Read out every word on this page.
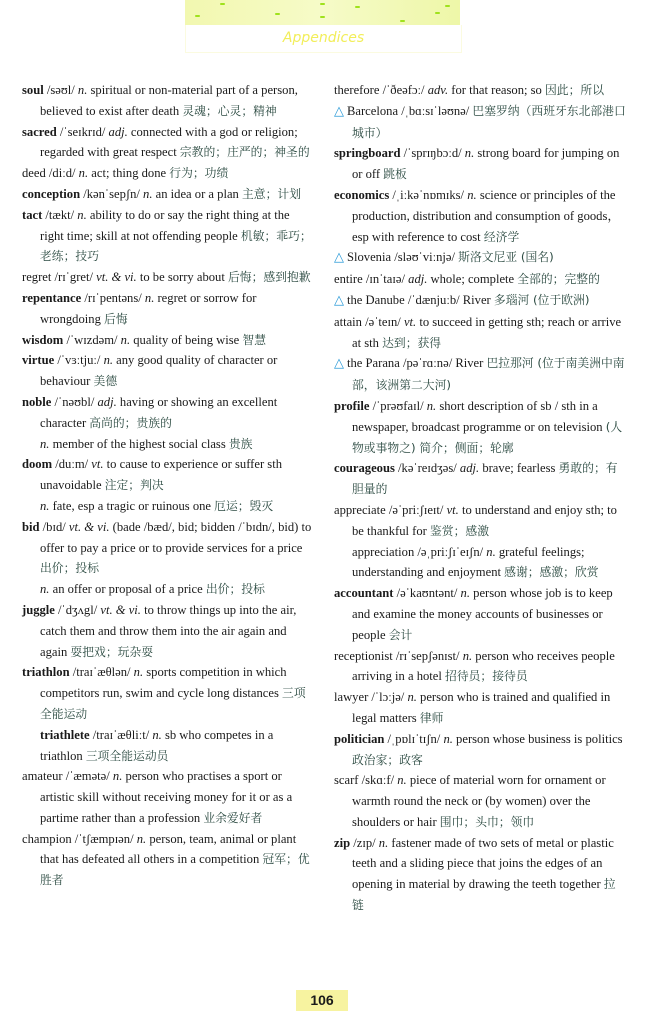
Appendices
soul /səʊl/ n. spiritual or non-material part of a person, believed to exist after death 灵魂；心灵；精神
sacred /ˈseɪkrɪd/ adj. connected with a god or religion; regarded with great respect 宗教的；庄严的；神圣的
deed /diːd/ n. act; thing done 行为；功绩
conception /kənˈsepʃn/ n. an idea or a plan 主意；计划
tact /tækt/ n. ability to do or say the right thing at the right time; skill at not offending people 机敏；乖巧；老练；技巧
regret /rɪˈgret/ vt. & vi. to be sorry about 后悔；感到抱歉
repentance /rɪˈpentəns/ n. regret or sorrow for wrongdoing 后悔
wisdom /ˈwɪzdəm/ n. quality of being wise 智慧
virtue /ˈvɜːtjuː/ n. any good quality of character or behaviour 美德
noble /ˈnəʊbl/ adj. having or showing an excellent character 高尚的；贵族的
n. member of the highest social class 贵族
doom /duːm/ vt. to cause to experience or suffer sth unavoidable 注定；判决
n. fate, esp a tragic or ruinous one 厄运；毁灭
bid /bɪd/ vt. & vi. (bade /bæd/, bid; bidden /ˈbɪdn/, bid) to offer to pay a price or to provide services for a price 出价；投标
n. an offer or proposal of a price 出价；投标
juggle /ˈdʒʌgl/ vt. & vi. to throw things up into the air, catch them and throw them into the air again and again 耍把戏；玩杂耍
triathlon /traɪˈæθlən/ n. sports competition in which competitors run, swim and cycle long distances 三项全能运动
triathlete /traɪˈæθliːt/ n. sb who competes in a triathlon 三项全能运动员
amateur /ˈæmətə/ n. person who practises a sport or artistic skill without receiving money for it or as a partime rather than a profession 业余爱好者
champion /ˈtʃæmpɪən/ n. person, team, animal or plant that has defeated all others in a competition 冠军；优胜者
therefore /ˈðeəfɔː/ adv. for that reason; so 因此；所以
△ Barcelona /ˌbɑːsɪˈləʊnə/ 巴塞罗纳（西班牙东北部港口城市）
springboard /ˈsprɪŋbɔːd/ n. strong board for jumping on or off 跳板
economics /ˌiːkəˈnɒmɪks/ n. science or principles of the production, distribution and consumption of goods，esp with reference to cost 经济学
△ Slovenia /sləʊˈviːnjə/ 斯洛文尼亚 (国名)
entire /ɪnˈtaɪə/ adj. whole; complete 全部的；完整的
△ the Danube /ˈdænjuːb/ River 多瑙河 (位于欧洲)
attain /əˈteɪn/ vt. to succeed in getting sth; reach or arrive at sth 达到；获得
△ the Parana /pəˈrɑːnə/ River 巴拉那河 (位于南美洲中南部，该洲第二大河)
profile /ˈprəʊfaɪl/ n. short description of sb / sth in a newspaper, broadcast programme or on television (人物或事物之) 简介；侧面；轮廓
courageous /kəˈreɪdʒəs/ adj. brave; fearless 勇敢的；有胆量的
appreciate /əˈpriːʃɪeɪt/ vt. to understand and enjoy sth; to be thankful for 鉴赏；感激
appreciation /əˌpriːʃɪˈeɪʃn/ n. grateful feelings; understanding and enjoyment 感谢；感激；欣赏
accountant /əˈkaʊntənt/ n. person whose job is to keep and examine the money accounts of businesses or people 会计
receptionist /rɪˈsepʃənɪst/ n. person who receives people arriving in a hotel 招待员；接待员
lawyer /ˈlɔːjə/ n. person who is trained and qualified in legal matters 律师
politician /ˌpɒlɪˈtɪʃn/ n. person whose business is politics 政治家；政客
scarf /skɑːf/ n. piece of material worn for ornament or warmth round the neck or (by women) over the shoulders or hair 围巾；头巾；领巾
zip /zɪp/ n. fastener made of two sets of metal or plastic teeth and a sliding piece that joins the edges of an opening in material by drawing the teeth together 拉链
106
